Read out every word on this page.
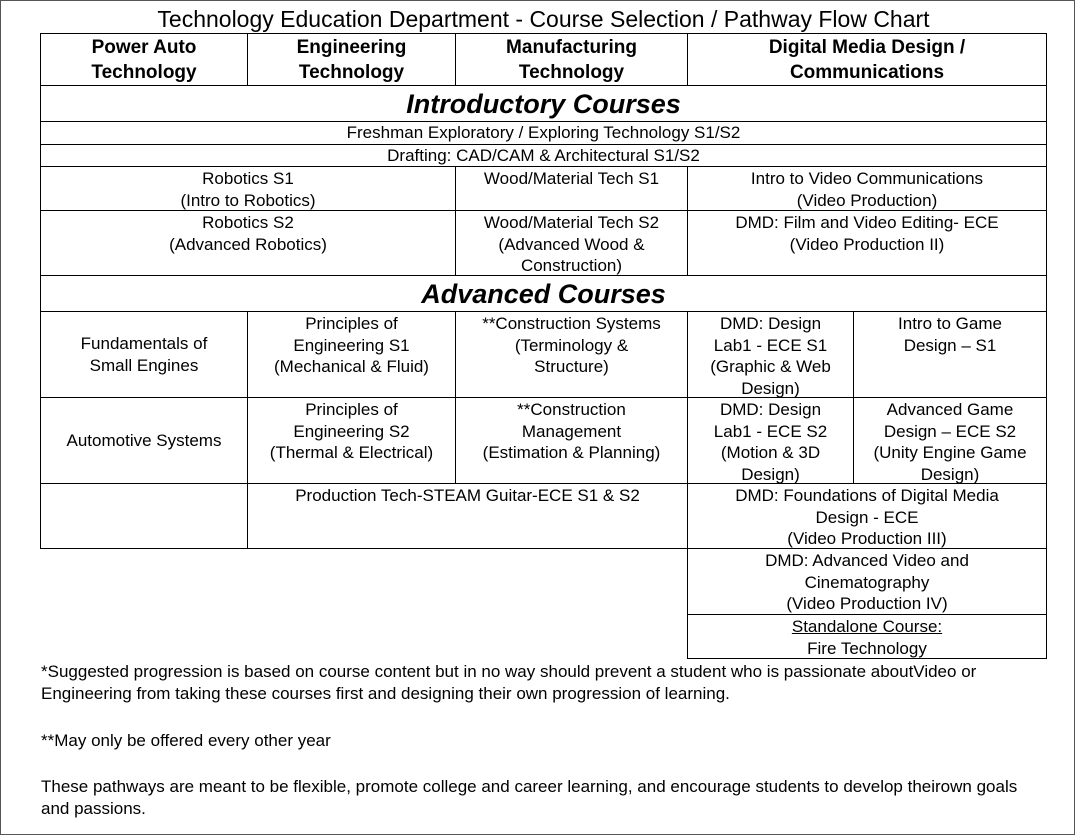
Technology Education Department - Course Selection / Pathway Flow Chart
Power Auto
Technology
Engineering
Technology
Manufacturing
Technology
Digital Media Design /
Communications
Introductory Courses
Freshman Exploratory / Exploring Technology S1/S2
Drafting: CAD/CAM & Architectural S1/S2
Robotics S1
(Intro to Robotics)
Wood/Material Tech S1	Intro to Video Communications
(Video Production)
Robotics S2
(Advanced Robotics)
Wood/Material Tech S2
(Advanced Wood &
Construction)
DMD: Film and Video Editing- ECE
(Video Production II)
Advanced Courses
Fundamentals of
Small Engines
Principles of
Engineering S1
(Mechanical & Fluid)
**Construction Systems
(Terminology &
Structure)
DMD: Design
Lab1 - ECE S1
(Graphic & Web
Design)
Intro to Game
Design – S1
Automotive Systems
Principles of
Engineering S2
(Thermal & Electrical)
**Construction
Management
(Estimation & Planning)
DMD: Design
Lab1 - ECE S2
(Motion & 3D
Design)
Advanced Game
Design – ECE S2
(Unity Engine Game
Design)
Production Tech-STEAM Guitar-ECE S1 & S2	DMD: Foundations of Digital Media
Design - ECE
(Video Production III)
DMD: Advanced Video and
Cinematography
(Video Production IV)
Standalone Course:
Fire Technology
*Suggested progression is based on course content but in no way should prevent a student who is passionate aboutVideo or Engineering from taking these courses first and designing their own progression of learning.
**May only be offered every other year
These pathways are meant to be flexible, promote college and career learning, and encourage students to develop theirown goals and passions.
